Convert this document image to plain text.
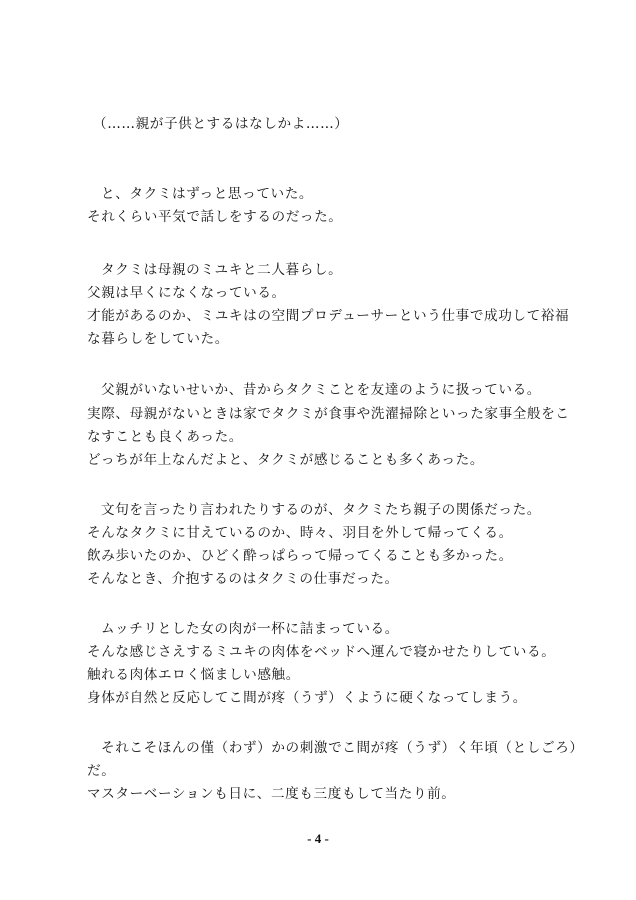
（……親が子供とするはなしかよ……）
と、タクミはずっと思っていた。
それくらい平気で話しをするのだった。
タクミは母親のミユキと二人暮らし。
父親は早くになくなっている。
才能があるのか、ミユキはの空間プロデューサーという仕事で成功して裕福
な暮らしをしていた。
父親がいないせいか、昔からタクミことを友達のように扱っている。
実際、母親がないときは家でタクミが食事や洗濯掃除といった家事全般をこ
なすことも良くあった。
どっちが年上なんだよと、タクミが感じることも多くあった。
文句を言ったり言われたりするのが、タクミたち親子の関係だった。
そんなタクミに甘えているのか、時々、羽目を外して帰ってくる。
飲み歩いたのか、ひどく酔っぱらって帰ってくることも多かった。
そんなとき、介抱するのはタクミの仕事だった。
ムッチリとした女の肉が一杯に詰まっている。
そんな感じさえするミユキの肉体をベッドへ運んで寝かせたりしている。
触れる肉体エロく悩ましい感触。
身体が自然と反応してこ間が疼（うず）くように硬くなってしまう。
それこそほんの僅（わず）かの刺激でこ間が疼（うず）く年頃（としごろ）
だ。
マスターベーションも日に、二度も三度もして当たり前。
- 4 -
